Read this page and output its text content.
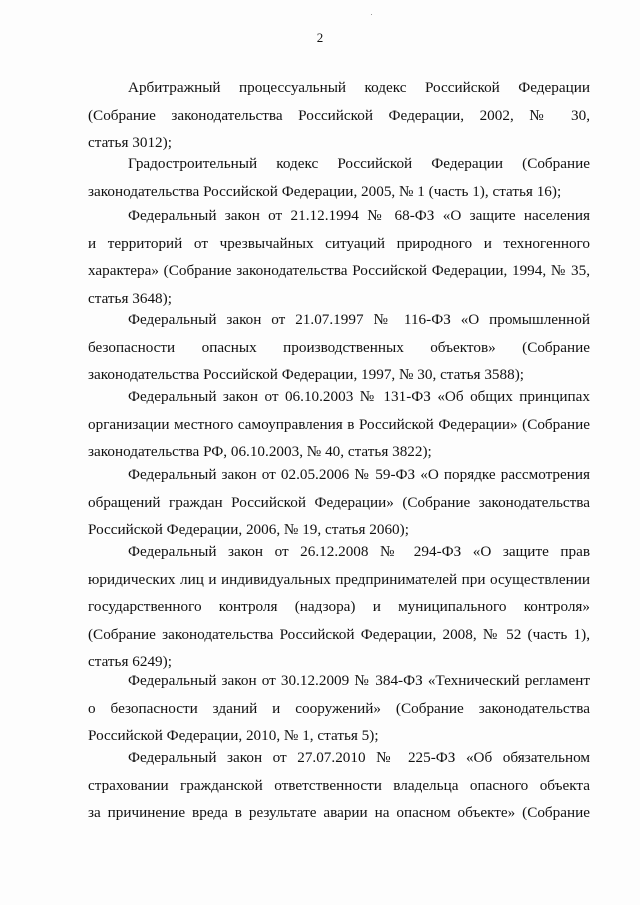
2
Арбитражный процессуальный кодекс Российской Федерации
(Собрание законодательства Российской Федерации, 2002, № 30,
статья 3012);
Градостроительный кодекс Российской Федерации (Собрание
законодательства Российской Федерации, 2005, № 1 (часть 1), статья 16);
Федеральный закон от 21.12.1994 № 68-ФЗ «О защите населения
и территорий от чрезвычайных ситуаций природного и техногенного
характера» (Собрание законодательства Российской Федерации, 1994, № 35,
статья 3648);
Федеральный закон от 21.07.1997 № 116-ФЗ «О промышленной
безопасности опасных производственных объектов» (Собрание
законодательства Российской Федерации, 1997, № 30, статья 3588);
Федеральный закон от 06.10.2003 № 131-ФЗ «Об общих принципах
организации местного самоуправления в Российской Федерации» (Собрание
законодательства РФ, 06.10.2003, № 40, статья 3822);
Федеральный закон от 02.05.2006 № 59-ФЗ «О порядке рассмотрения
обращений граждан Российской Федерации» (Собрание законодательства
Российской Федерации, 2006, № 19, статья 2060);
Федеральный закон от 26.12.2008 № 294-ФЗ «О защите прав
юридических лиц и индивидуальных предпринимателей при осуществлении
государственного контроля (надзора) и муниципального контроля»
(Собрание законодательства Российской Федерации, 2008, № 52 (часть 1),
статья 6249);
Федеральный закон от 30.12.2009 № 384-ФЗ «Технический регламент
о безопасности зданий и сооружений» (Собрание законодательства
Российской Федерации, 2010, № 1, статья 5);
Федеральный закон от 27.07.2010 № 225-ФЗ «Об обязательном
страховании гражданской ответственности владельца опасного объекта
за причинение вреда в результате аварии на опасном объекте» (Собрание
